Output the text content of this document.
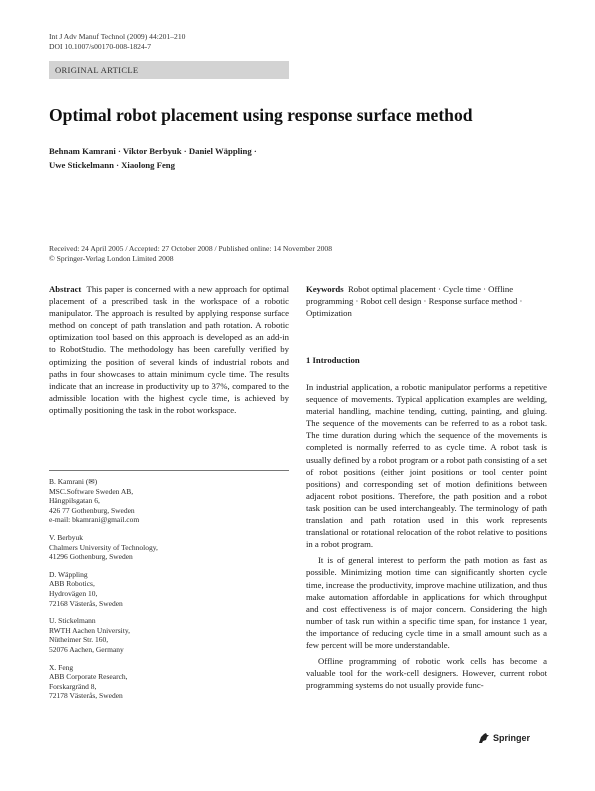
Int J Adv Manuf Technol (2009) 44:201–210
DOI 10.1007/s00170-008-1824-7
ORIGINAL ARTICLE
Optimal robot placement using response surface method
Behnam Kamrani · Viktor Berbyuk · Daniel Wäppling ·
Uwe Stickelmann · Xiaolong Feng
Received: 24 April 2005 / Accepted: 27 October 2008 / Published online: 14 November 2008
© Springer-Verlag London Limited 2008

Abstract This paper is concerned with a new approach for optimal placement of a prescribed task in the workspace of a robotic manipulator. The approach is resulted by applying response surface method on concept of path translation and path rotation. A robotic optimization tool based on this approach is developed as an add-in to RobotStudio. The methodology has been carefully verified by optimizing the position of several kinds of industrial robots and paths in four showcases to attain minimum cycle time. The results indicate that an increase in productivity up to 37%, compared to the admissible location with the highest cycle time, is achieved by optimally positioning the task in the robot workspace.

B. Kamrani (✉)
MSC.Software Sweden AB,
Hängpilsgatan 6,
426 77 Gothenburg, Sweden
e-mail: bkamrani@gmail.com
V. Berbyuk
Chalmers University of Technology,
41296 Gothenburg, Sweden
D. Wäppling
ABB Robotics,
Hydrovägen 10,
72168 Västerås, Sweden
U. Stickelmann
RWTH Aachen University,
Nütheimer Str. 160,
52076 Aachen, Germany
X. Feng
ABB Corporate Research,
Forskargränd 8,
72178 Västerås, Sweden

Keywords Robot optimal placement · Cycle time · Offline programming · Robot cell design · Response surface method · Optimization

1 Introduction

In industrial application, a robotic manipulator performs a repetitive sequence of movements. Typical application examples are welding, material handling, machine tending, cutting, painting, and gluing. The sequence of the movements can be referred to as a robot task. The time duration during which the sequence of the movements is completed is normally referred to as cycle time. A robot task is usually defined by a robot program or a robot path consisting of a set of robot positions (either joint positions or tool center point positions) and corresponding set of motion definitions between adjacent robot positions. Therefore, the path position and a robot task position can be used interchangeably. The terminology of path translation and path rotation used in this work represents translational or rotational relocation of the robot relative to positions in a robot program.

It is of general interest to perform the path motion as fast as possible. Minimizing motion time can significantly shorten cycle time, increase the productivity, improve machine utilization, and thus make automation affordable in applications for which throughput and cost effectiveness is of major concern. Considering the high number of task run within a specific time span, for instance 1 year, the importance of reducing cycle time in a small amount such as a few percent will be more understandable.

Offline programming of robotic work cells has become a valuable tool for the work-cell designers. However, current robot programming systems do not usually provide func-

Springer
